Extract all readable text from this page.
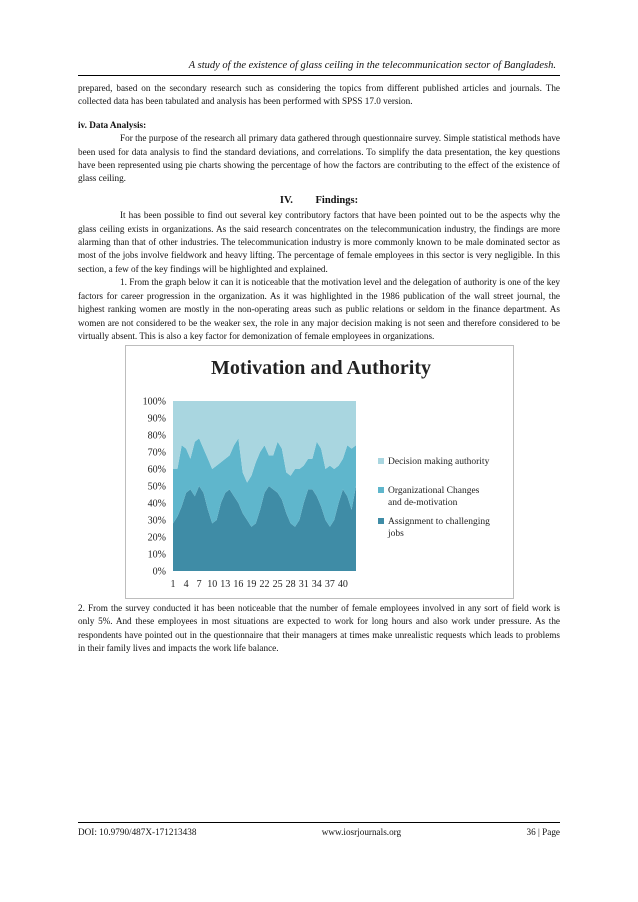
A study of the existence of glass ceiling in the telecommunication sector of Bangladesh.

prepared, based on the secondary research such as considering the topics from different published articles and journals. The collected data has been tabulated and analysis has been performed with SPSS 17.0 version.

iv. Data Analysis:

For the purpose of the research all primary data gathered through questionnaire survey. Simple statistical methods have been used for data analysis to find the standard deviations, and correlations. To simplify the data presentation, the key questions have been represented using pie charts showing the percentage of how the factors are contributing to the effect of the existence of glass ceiling.

IV. Findings:

It has been possible to find out several key contributory factors that have been pointed out to be the aspects why the glass ceiling exists in organizations. As the said research concentrates on the telecommunication industry, the findings are more alarming than that of other industries. The telecommunication industry is more commonly known to be male dominated sector as most of the jobs involve fieldwork and heavy lifting. The percentage of female employees in this sector is very negligible. In this section, a few of the key findings will be highlighted and explained.

1. From the graph below it can it is noticeable that the motivation level and the delegation of authority is one of the key factors for career progression in the organization. As it was highlighted in the 1986 publication of the wall street journal, the highest ranking women are mostly in the non-operating areas such as public relations or seldom in the finance department. As women are not considered to be the weaker sex, the role in any major decision making is not seen and therefore considered to be virtually absent. This is also a key factor for demonization of female employees in organizations.

Motivation and Authority
0%
10%
20%
30%
40%
50%
60%
70%
80%
90%
100%
1 4 7 10 13 16 19 22 25 28 31 34 37 40
Decision making authority
Organizational Changes
and de-motivation
Assignment to challenging
jobs

2. From the survey conducted it has been noticeable that the number of female employees involved in any sort of field work is only 5%. And these employees in most situations are expected to work for long hours and also work under pressure. As the respondents have pointed out in the questionnaire that their managers at times make unrealistic requests which leads to problems in their family lives and impacts the work life balance.

DOI: 10.9790/487X-171213438	www.iosrjournals.org	36 | Page
